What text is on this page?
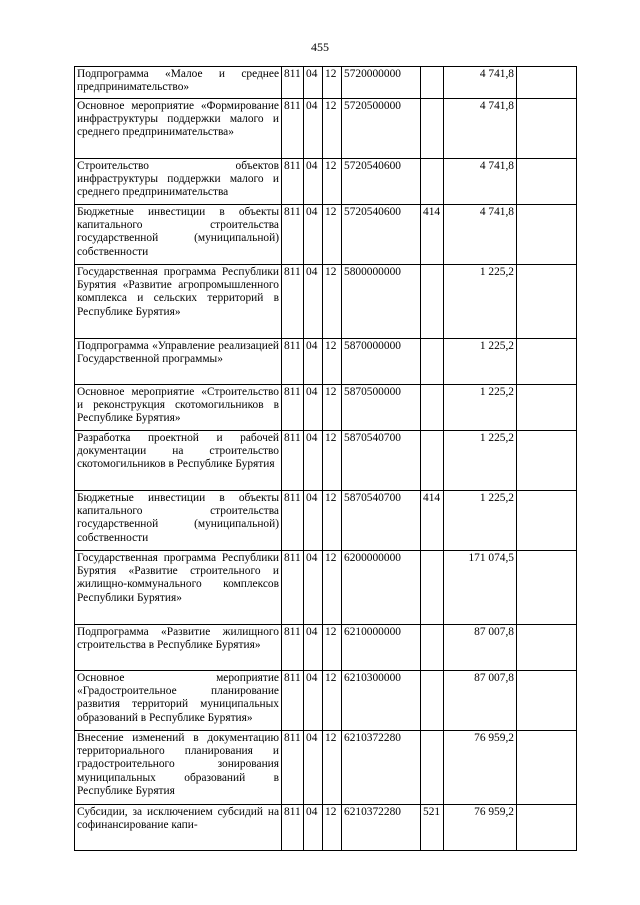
455
Подпрограмма «Малое и среднее предпринимательство»	811	04	12	5720000000		4 741,8	
Основное мероприятие «Формирование инфраструктуры поддержки малого и среднего предпринимательства»	811	04	12	5720500000		4 741,8	
Строительство объектов инфраструктуры поддержки малого и среднего предпринимательства	811	04	12	5720540600		4 741,8	
Бюджетные инвестиции в объекты капитального строительства государственной (муниципальной) собственности	811	04	12	5720540600	414	4 741,8	
Государственная программа Республики Бурятия «Развитие агропромышленного комплекса и сельских территорий в Республике Бурятия»	811	04	12	5800000000		1 225,2	
Подпрограмма «Управление реализацией Государственной программы»	811	04	12	5870000000		1 225,2	
Основное мероприятие «Строительство и реконструкция скотомогильников в Республике Бурятия»	811	04	12	5870500000		1 225,2	
Разработка проектной и рабочей документации на строительство скотомогильников в Республике Бурятия	811	04	12	5870540700		1 225,2	
Бюджетные инвестиции в объекты капитального строительства государственной (муниципальной) собственности	811	04	12	5870540700	414	1 225,2	
Государственная программа Республики Бурятия «Развитие строительного и жилищно-коммунального комплексов Республики Бурятия»	811	04	12	6200000000		171 074,5	
Подпрограмма «Развитие жилищного строительства в Республике Бурятия»	811	04	12	6210000000		87 007,8	
Основное мероприятие «Градостроительное планирование развития территорий муниципальных образований в Республике Бурятия»	811	04	12	6210300000		87 007,8	
Внесение изменений в документацию территориального планирования и градостроительного зонирования муниципальных образований в Республике Бурятия	811	04	12	6210372280		76 959,2	
Субсидии, за исключением субсидий на софинансирование капи-	811	04	12	6210372280	521	76 959,2	
